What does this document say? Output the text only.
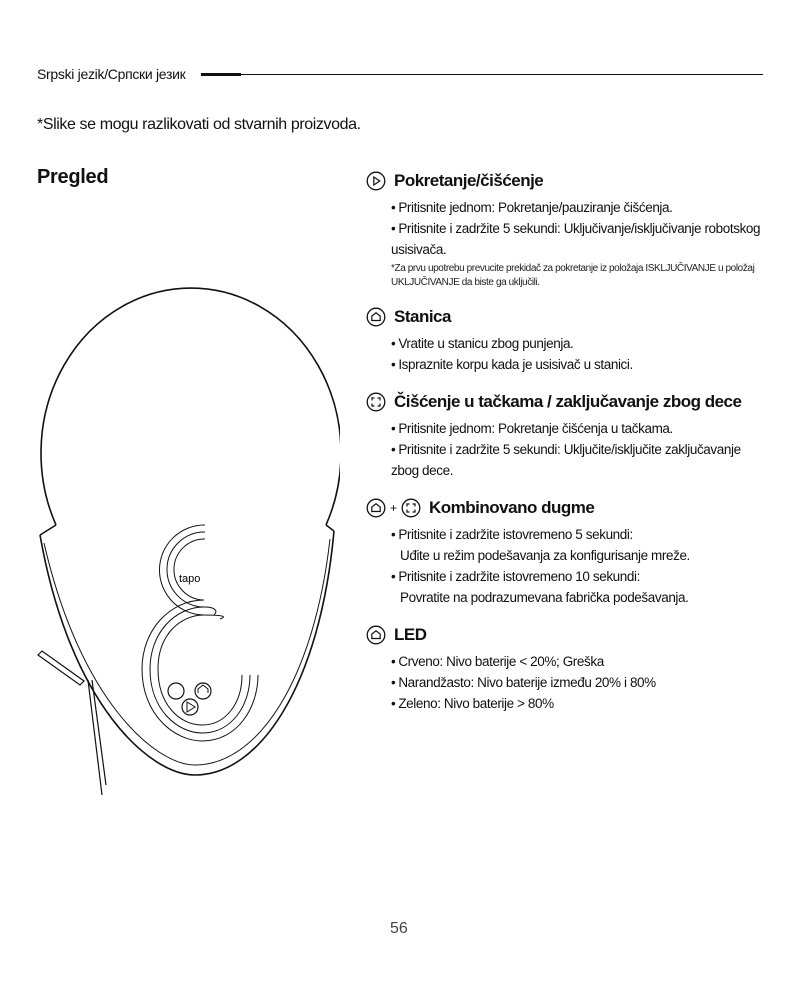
Srpski jezik/Српски језик
*Slike se mogu razlikovati od stvarnih proizvoda.
Pregled
tapo
Pokretanje/čišćenje
• Pritisnite jednom: Pokretanje/pauziranje čišćenja.
• Pritisnite i zadržite 5 sekundi: Uključivanje/isključivanje robotskog usisivača.
*Za prvu upotrebu prevucite prekidač za pokretanje iz položaja ISKLJUČIVANJE u položaj UKLJUČIVANJE da biste ga uključili.
Stanica
• Vratite u stanicu zbog punjenja.
• Ispraznite korpu kada je usisivač u stanici.
Čišćenje u tačkama / zaključavanje zbog dece
• Pritisnite jednom: Pokretanje čišćenja u tačkama.
• Pritisnite i zadržite 5 sekundi: Uključite/isključite zaključavanje zbog dece.
+ Kombinovano dugme
• Pritisnite i zadržite istovremeno 5 sekundi:
Uđite u režim podešavanja za konfigurisanje mreže.
• Pritisnite i zadržite istovremeno 10 sekundi:
Povratite na podrazumevana fabrička podešavanja.
LED
• Crveno: Nivo baterije < 20%; Greška
• Narandžasto: Nivo baterije između 20% i 80%
• Zeleno: Nivo baterije > 80%
56
